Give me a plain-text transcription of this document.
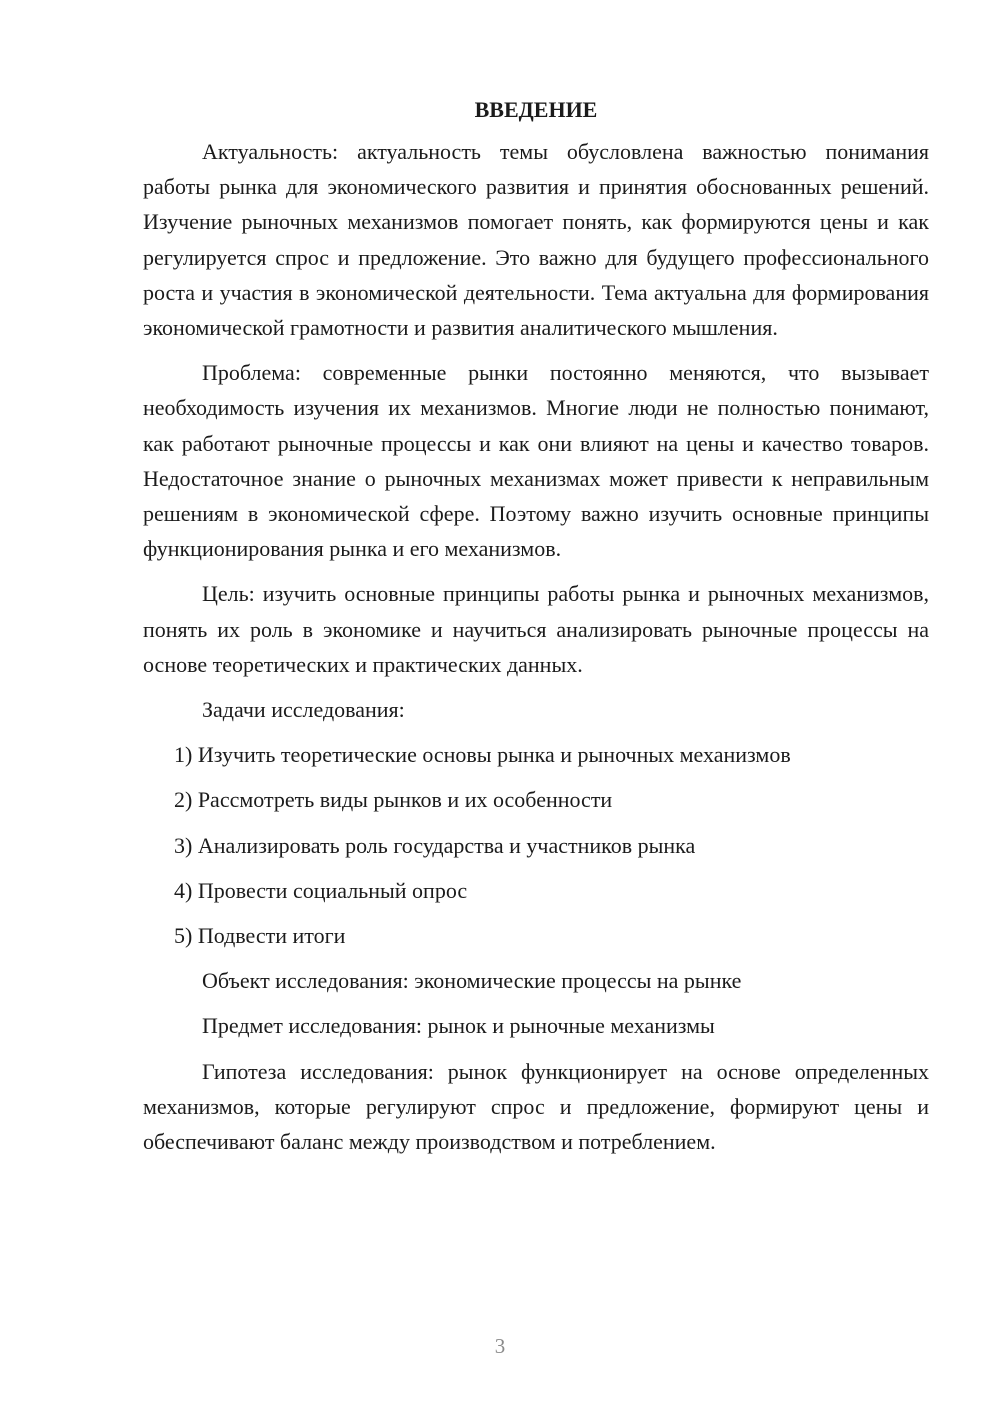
ВВЕДЕНИЕ

Актуальность: актуальность темы обусловлена важностью понимания работы рынка для экономического развития и принятия обоснованных решений. Изучение рыночных механизмов помогает понять, как формируются цены и как регулируется спрос и предложение. Это важно для будущего профессионального роста и участия в экономической деятельности. Тема актуальна для формирования экономической грамотности и развития аналитического мышления.

Проблема: современные рынки постоянно меняются, что вызывает необходимость изучения их механизмов. Многие люди не полностью понимают, как работают рыночные процессы и как они влияют на цены и качество товаров. Недостаточное знание о рыночных механизмах может привести к неправильным решениям в экономической сфере. Поэтому важно изучить основные принципы функционирования рынка и его механизмов.

Цель: изучить основные принципы работы рынка и рыночных механизмов, понять их роль в экономике и научиться анализировать рыночные процессы на основе теоретических и практических данных.

Задачи исследования:

1) Изучить теоретические основы рынка и рыночных механизмов
2) Рассмотреть виды рынков и их особенности
3) Анализировать роль государства и участников рынка
4) Провести социальный опрос
5) Подвести итоги

Объект исследования: экономические процессы на рынке

Предмет исследования: рынок и рыночные механизмы

Гипотеза исследования: рынок функционирует на основе определенных механизмов, которые регулируют спрос и предложение, формируют цены и обеспечивают баланс между производством и потреблением.

3
